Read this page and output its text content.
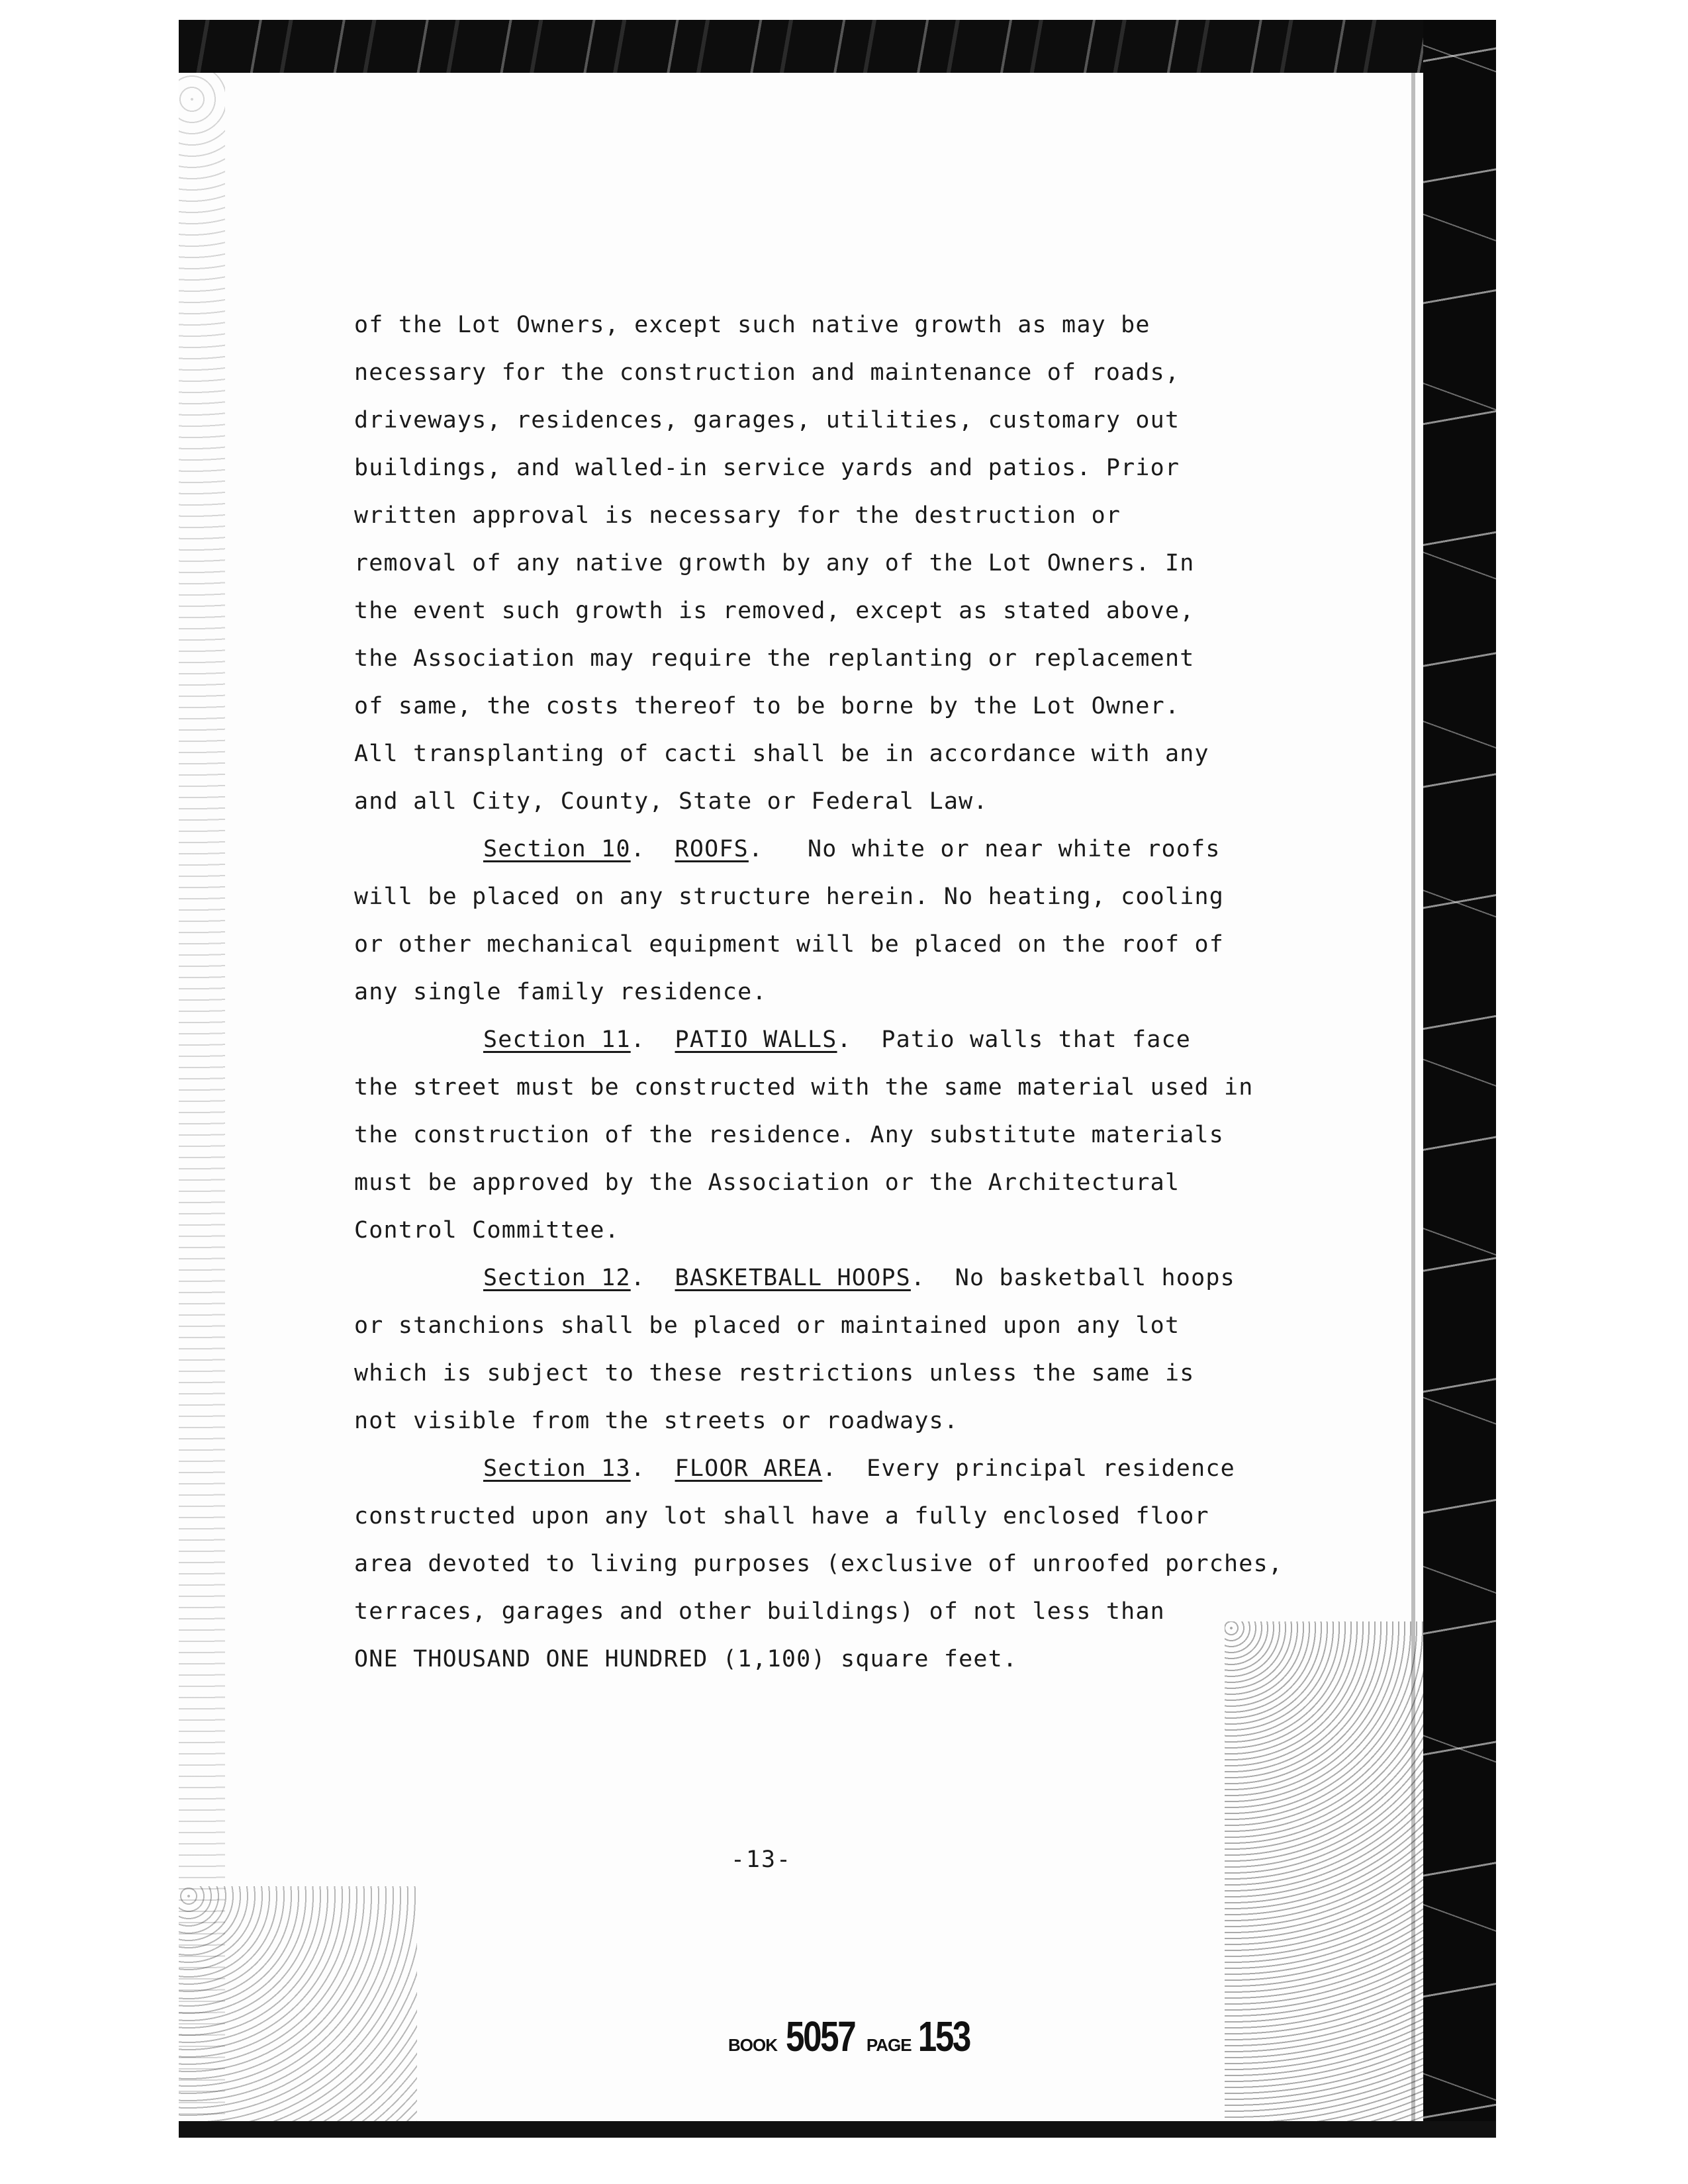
of the Lot Owners, except such native growth as may be
necessary for the construction and maintenance of roads,
driveways, residences, garages, utilities, customary out
buildings, and walled-in service yards and patios. Prior
written approval is necessary for the destruction or
removal of any native growth by any of the Lot Owners. In
the event such growth is removed, except as stated above,
the Association may require the replanting or replacement
of same, the costs thereof to be borne by the Lot Owner.
All transplanting of cacti shall be in accordance with any
and all City, County, State or Federal Law.
Section 10.  ROOFS.   No white or near white roofs
will be placed on any structure herein. No heating, cooling
or other mechanical equipment will be placed on the roof of
any single family residence.
Section 11.  PATIO WALLS.  Patio walls that face
the street must be constructed with the same material used in
the construction of the residence. Any substitute materials
must be approved by the Association or the Architectural
Control Committee.
Section 12.  BASKETBALL HOOPS.  No basketball hoops
or stanchions shall be placed or maintained upon any lot
which is subject to these restrictions unless the same is
not visible from the streets or roadways.
Section 13.  FLOOR AREA.  Every principal residence
constructed upon any lot shall have a fully enclosed floor
area devoted to living purposes (exclusive of unroofed porches,
terraces, garages and other buildings) of not less than
ONE THOUSAND ONE HUNDRED (1,100) square feet.
-13-
BOOK 5057 PAGE 153
